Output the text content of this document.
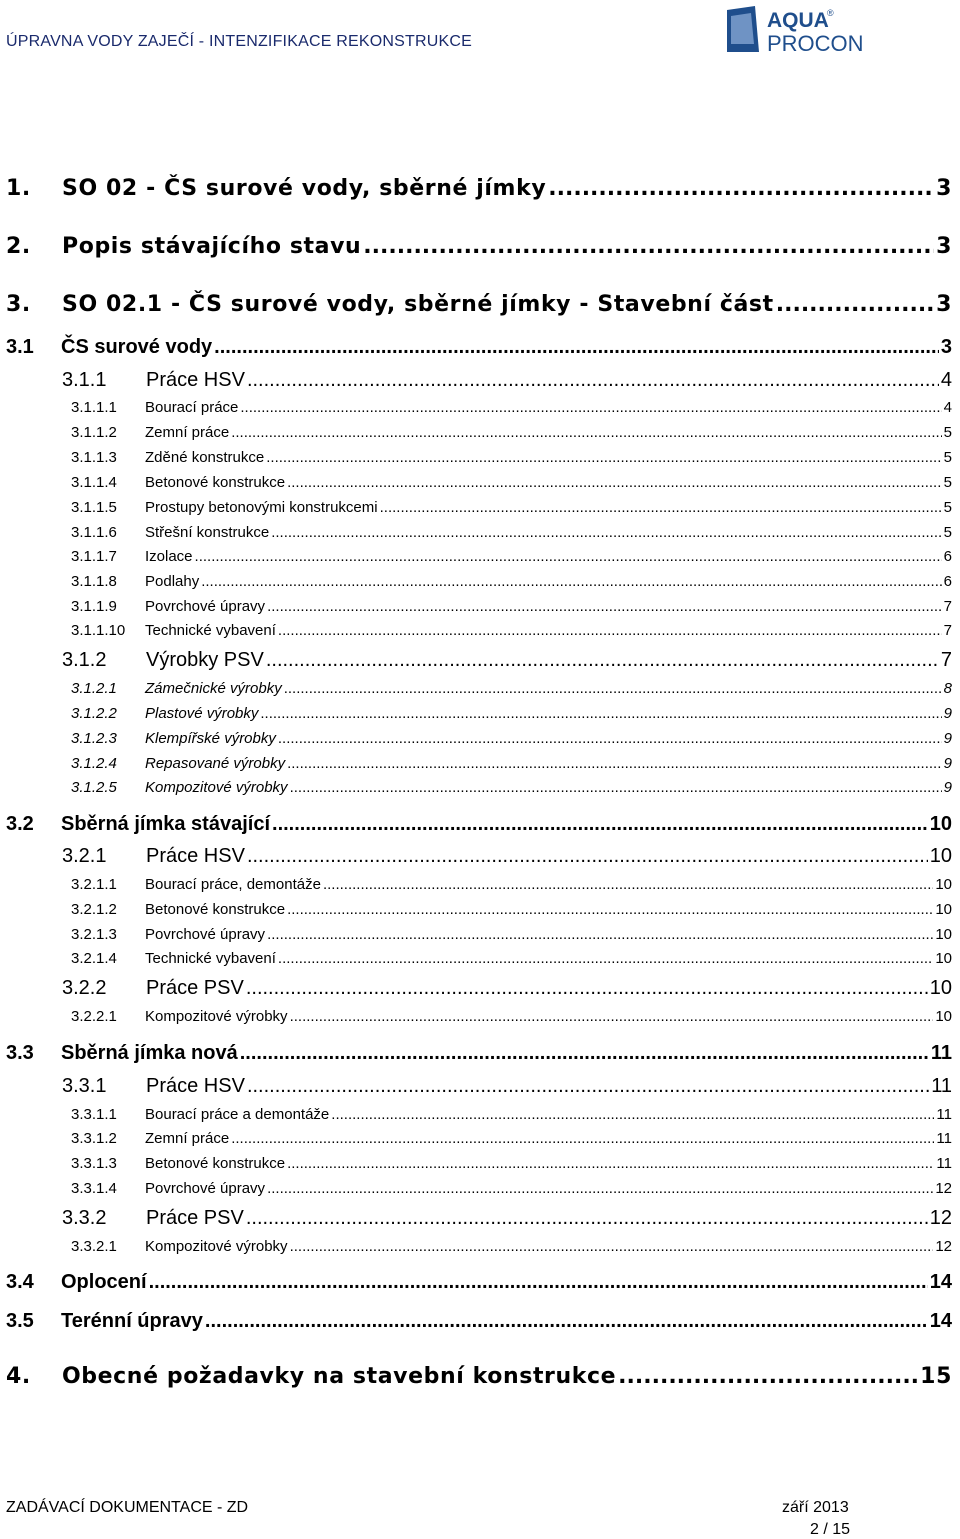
ÚPRAVNA VODY ZAJEČÍ - INTENZIFIKACE REKONSTRUKCE
AQUA
®
PROCON
1.	SO 02 - ČS surové vody, sběrné jímky .....	3
2.	Popis stávajícího stavu .....	3
3.	SO 02.1 - ČS surové vody, sběrné jímky - Stavební část .....	3
3.1	ČS surové vody .....	3
3.1.1	Práce HSV .....	4
3.1.1.1	Bourací práce .....	4
3.1.1.2	Zemní práce .....	5
3.1.1.3	Zděné konstrukce .....	5
3.1.1.4	Betonové konstrukce .....	5
3.1.1.5	Prostupy betonovými konstrukcemi .....	5
3.1.1.6	Střešní konstrukce .....	5
3.1.1.7	Izolace .....	6
3.1.1.8	Podlahy .....	6
3.1.1.9	Povrchové úpravy .....	7
3.1.1.10	Technické vybavení .....	7
3.1.2	Výrobky PSV .....	7
3.1.2.1	Zámečnické výrobky .....	8
3.1.2.2	Plastové výrobky .....	9
3.1.2.3	Klempířské výrobky .....	9
3.1.2.4	Repasované výrobky .....	9
3.1.2.5	Kompozitové výrobky .....	9
3.2	Sběrná jímka stávající .....	10
3.2.1	Práce HSV .....	10
3.2.1.1	Bourací práce, demontáže .....	10
3.2.1.2	Betonové konstrukce .....	10
3.2.1.3	Povrchové úpravy .....	10
3.2.1.4	Technické vybavení .....	10
3.2.2	Práce PSV .....	10
3.2.2.1	Kompozitové výrobky .....	10
3.3	Sběrná jímka nová .....	11
3.3.1	Práce HSV .....	11
3.3.1.1	Bourací práce a demontáže .....	11
3.3.1.2	Zemní práce .....	11
3.3.1.3	Betonové konstrukce .....	11
3.3.1.4	Povrchové úpravy .....	12
3.3.2	Práce PSV .....	12
3.3.2.1	Kompozitové výrobky .....	12
3.4	Oplocení .....	14
3.5	Terénní úpravy .....	14
4.	Obecné požadavky na stavební konstrukce .....	15
ZADÁVACÍ DOKUMENTACE - ZD	září 2013
2 / 15
